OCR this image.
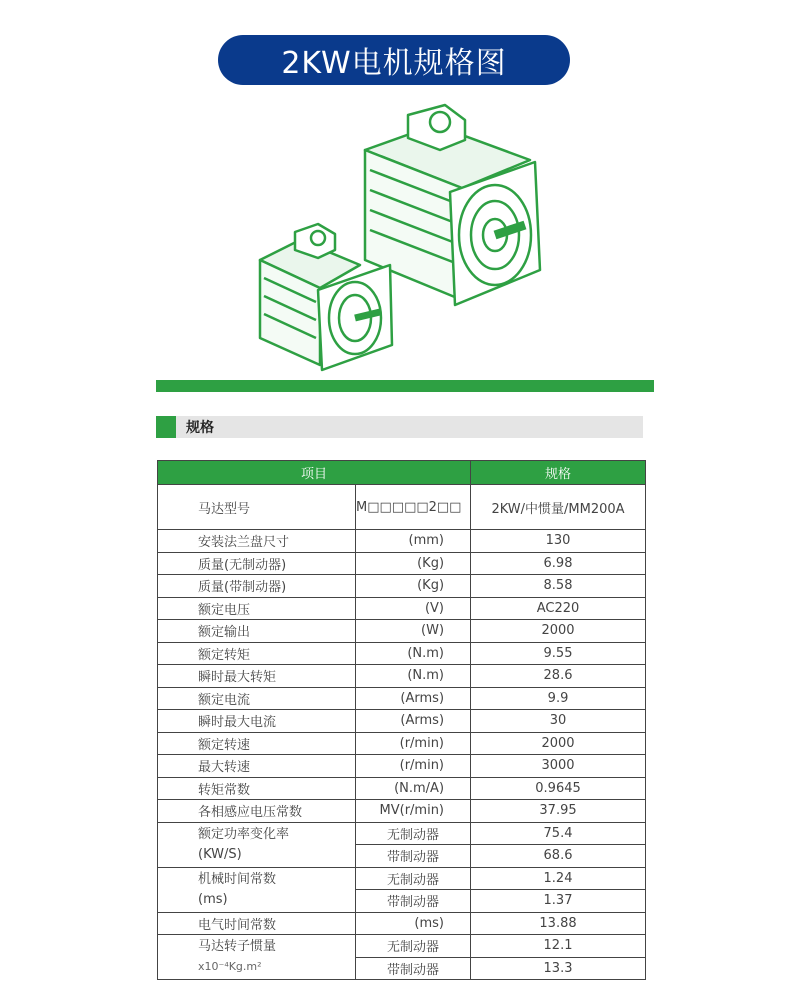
2KW电机规格图
规格
项目		规格
马达型号	M□□□□□2□□	2KW/中惯量/MM200A
安装法兰盘尺寸	(mm)	130
质量(无制动器)	(Kg)	6.98
质量(带制动器)	(Kg)	8.58
额定电压	(V)	AC220
额定输出	(W)	2000
额定转矩	(N.m)	9.55
瞬时最大转矩	(N.m)	28.6
额定电流	(Arms)	9.9
瞬时最大电流	(Arms)	30
额定转速	(r/min)	2000
最大转速	(r/min)	3000
转矩常数	(N.m/A)	0.9645
各相感应电压常数	MV(r/min)	37.95
额定功率变化率
(KW/S)	无制动器	75.4
	带制动器	68.6
机械时间常数
(ms)	无制动器	1.24
	带制动器	1.37
电气时间常数	(ms)	13.88
马达转子惯量
x10⁻⁴Kg.m²	无制动器	12.1
	带制动器	13.3
